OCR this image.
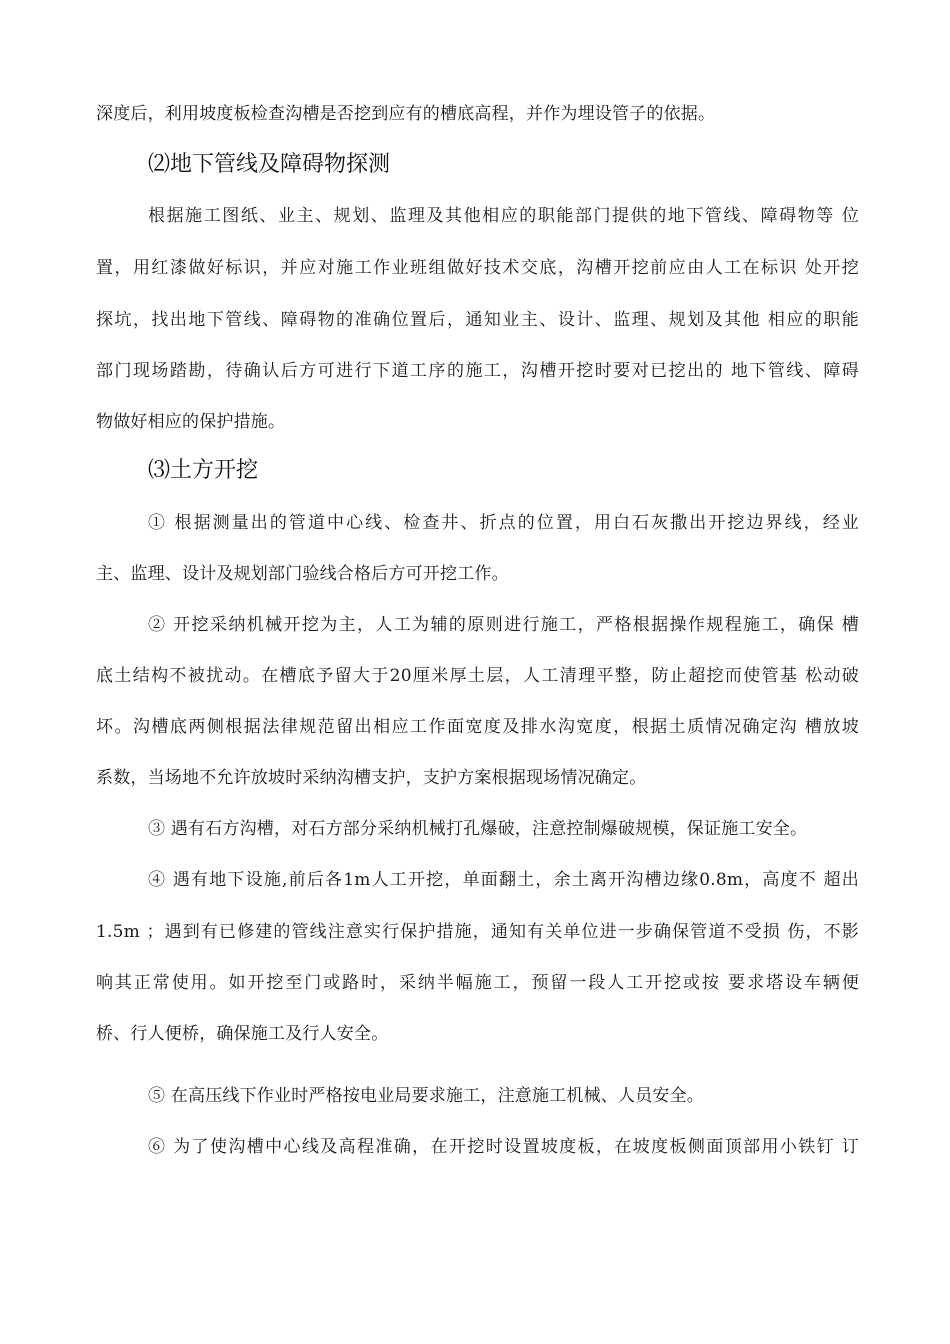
深度后，利用坡度板检查沟槽是否挖到应有的槽底高程，并作为埋设管子的依据。
⑵地下管线及障碍物探测
根据施工图纸、业主、规划、监理及其他相应的职能部门提供的地下管线、障碍物等 位
置，用红漆做好标识，并应对施工作业班组做好技术交底，沟槽开挖前应由人工在标识 处开挖
探坑，找出地下管线、障碍物的准确位置后，通知业主、设计、监理、规划及其他 相应的职能
部门现场踏勘，待确认后方可进行下道工序的施工，沟槽开挖时要对已挖出的 地下管线、障碍
物做好相应的保护措施。
⑶土方开挖
① 根据测量出的管道中心线、检查井、折点的位置，用白石灰撒出开挖边界线，经业
主、监理、设计及规划部门验线合格后方可开挖工作。
② 开挖采纳机械开挖为主，人工为辅的原则进行施工，严格根据操作规程施工，确保 槽
底土结构不被扰动。在槽底予留大于20厘米厚土层，人工清理平整，防止超挖而使管基 松动破
坏。沟槽底两侧根据法律规范留出相应工作面宽度及排水沟宽度，根据土质情况确定沟 槽放坡
系数，当场地不允许放坡时采纳沟槽支护，支护方案根据现场情况确定。
③ 遇有石方沟槽，对石方部分采纳机械打孔爆破，注意控制爆破规模，保证施工安全。
④ 遇有地下设施,前后各1m人工开挖，单面翻土，余土离开沟槽边缘0.8m，高度不 超出
1.5m ；遇到有已修建的管线注意实行保护措施，通知有关单位进一步确保管道不受损 伤，不影
响其正常使用。如开挖至门或路时，采纳半幅施工，预留一段人工开挖或按 要求塔设车辆便
桥、行人便桥，确保施工及行人安全。
⑤ 在高压线下作业时严格按电业局要求施工，注意施工机械、人员安全。
⑥ 为了使沟槽中心线及高程准确，在开挖时设置坡度板，在坡度板侧面顶部用小铁钉 订
